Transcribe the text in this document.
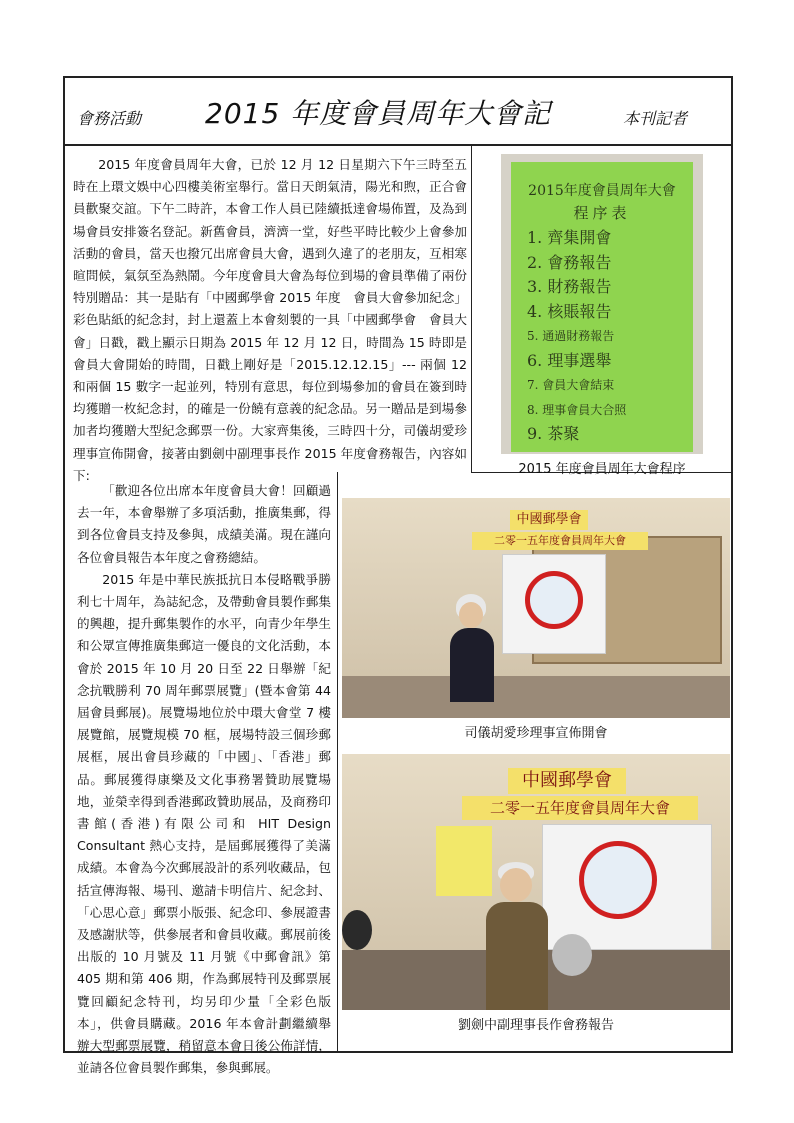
會務活動 2015 年度會員周年大會記	本刊記者

2015 年度會員周年大會，已於 12 月 12 日星期六下午三時至五時在上環文娛中心四樓美術室舉行。當日天朗氣清，陽光和煦，正合會員歡聚交誼。下午二時許，本會工作人員已陸續抵達會場佈置，及為到場會員安排簽名登記。新舊會員，濟濟一堂，好些平時比較少上會參加活動的會員，當天也撥冗出席會員大會，遇到久違了的老朋友，互相寒暄問候，氣氛至為熱鬧。今年度會員大會為每位到場的會員準備了兩份特別贈品：其一是貼有「中國郵學會 2015 年度　會員大會參加紀念」彩色貼紙的紀念封，封上還蓋上本會刻製的一具「中國郵學會　會員大會」日戳，戳上顯示日期為 2015 年 12 月 12 日，時間為 15 時即是會員大會開始的時間，日戳上剛好是「2015.12.12.15」--- 兩個 12 和兩個 15 數字一起並列，特別有意思，每位到場參加的會員在簽到時均獲贈一枚紀念封，的確是一份饒有意義的紀念品。另一贈品是到場參加者均獲贈大型紀念郵票一份。大家齊集後，三時四十分，司儀胡愛珍理事宣佈開會，接著由劉劍中副理事長作 2015 年度會務報告，內容如下:

「歡迎各位出席本年度會員大會！回顧過去一年，本會舉辦了多項活動，推廣集郵，得到各位會員支持及參與，成績美滿。現在謹向各位會員報告本年度之會務總結。
2015 年是中華民族抵抗日本侵略戰爭勝利七十周年，為誌紀念，及帶動會員製作郵集的興趣，提升郵集製作的水平，向青少年學生和公眾宣傳推廣集郵這一優良的文化活動，本會於 2015 年 10 月 20 日至 22 日舉辦「紀念抗戰勝利 70 周年郵票展覽」(暨本會第 44 屆會員郵展)。展覽場地位於中環大會堂 7 樓展覽館，展覽規模 70 框，展場特設三個珍郵展框，展出會員珍藏的「中國」、「香港」郵品。郵展獲得康樂及文化事務署贊助展覽場地，並榮幸得到香港郵政贊助展品，及商務印書館(香港)有限公司和 HIT Design Consultant 熱心支持，是屆郵展獲得了美滿成績。本會為今次郵展設計的系列收藏品，包括宣傳海報、場刊、邀請卡明信片、紀念封、「心思心意」郵票小版張、紀念印、參展證書及感謝狀等，供參展者和會員收藏。郵展前後出版的 10 月號及 11 月號《中郵會訊》第 405 期和第 406 期，作為郵展特刊及郵票展覽回顧紀念特刊，均另印少量「全彩色版本」，供會員購藏。2016 年本會計劃繼續舉辦大型郵票展覽，稍留意本會日後公佈詳情，並請各位會員製作郵集，參與郵展。
2015年度會員周年大會
程序表
1. 齊集開會
2. 會務報告
3. 財務報告
4. 核賬報告
5. 通過財務報告
6. 理事選舉
7. 會員大會結束
8. 理事會員大合照
9. 茶聚
2015 年度會員周年大會程序
中國郵學會
二零一五年度會員周年大會
司儀胡愛珍理事宣佈開會
中國郵學會
二零一五年度會員周年大會
劉劍中副理事長作會務報告
